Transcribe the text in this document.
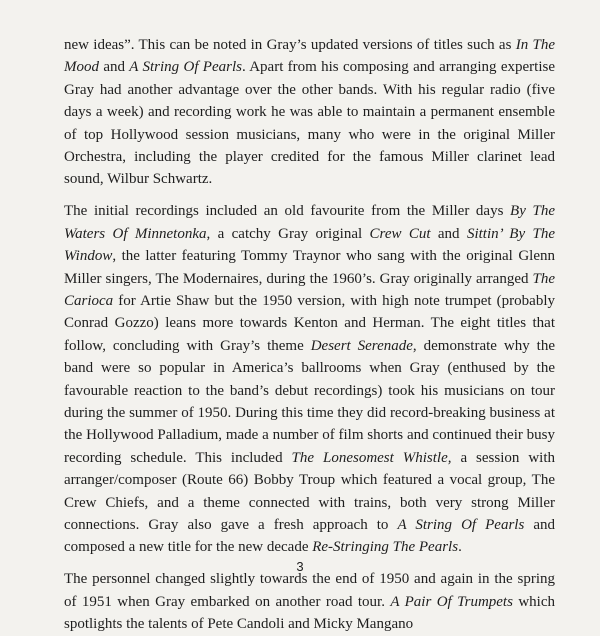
new ideas”. This can be noted in Gray’s updated versions of titles such as In The Mood and A String Of Pearls. Apart from his composing and arranging expertise Gray had another advantage over the other bands. With his regular radio (five days a week) and recording work he was able to maintain a permanent ensemble of top Hollywood session musicians, many who were in the original Miller Orchestra, including the player credited for the famous Miller clarinet lead sound, Wilbur Schwartz.

The initial recordings included an old favourite from the Miller days By The Waters Of Minnetonka, a catchy Gray original Crew Cut and Sittin’ By The Window, the latter featuring Tommy Traynor who sang with the original Glenn Miller singers, The Modernaires, during the 1960’s. Gray originally arranged The Carioca for Artie Shaw but the 1950 version, with high note trumpet (probably Conrad Gozzo) leans more towards Kenton and Herman. The eight titles that follow, concluding with Gray’s theme Desert Serenade, demonstrate why the band were so popular in America’s ballrooms when Gray (enthused by the favourable reaction to the band’s debut recordings) took his musicians on tour during the summer of 1950. During this time they did record-breaking business at the Hollywood Palladium, made a number of film shorts and continued their busy recording schedule. This included The Lonesomest Whistle, a session with arranger/composer (Route 66) Bobby Troup which featured a vocal group, The Crew Chiefs, and a theme connected with trains, both very strong Miller connections. Gray also gave a fresh approach to A String Of Pearls and composed a new title for the new decade Re-Stringing The Pearls.

The personnel changed slightly towards the end of 1950 and again in the spring of 1951 when Gray embarked on another road tour. A Pair Of Trumpets which spotlights the talents of Pete Candoli and Micky Mangano

3
